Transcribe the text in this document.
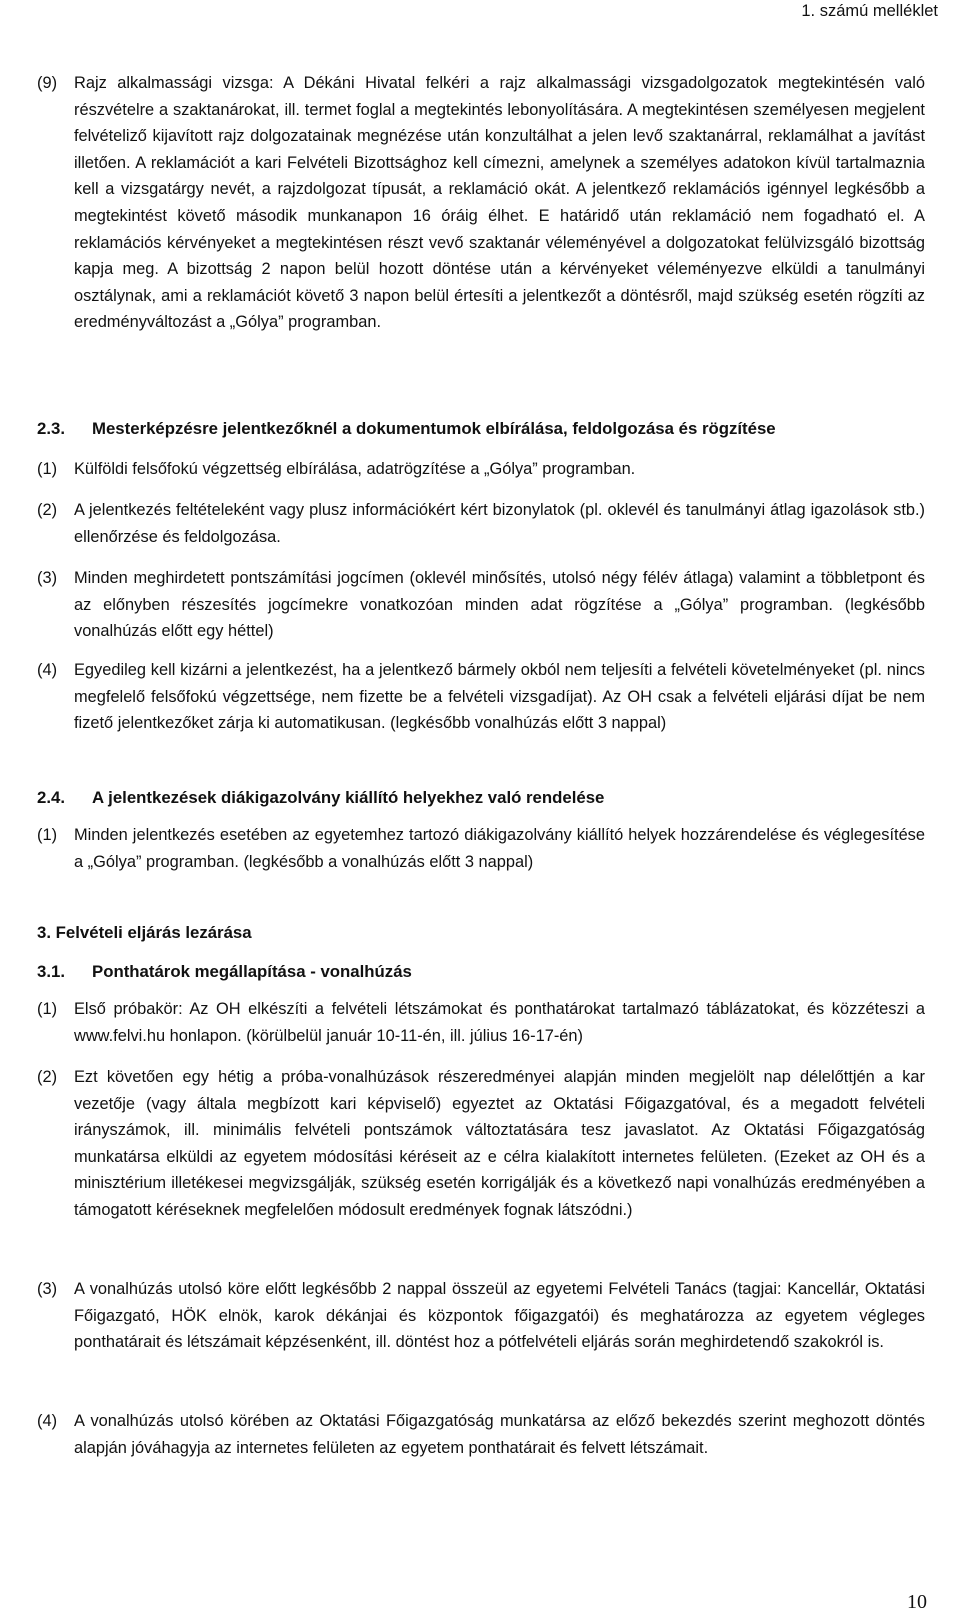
1. számú melléklet
(9)	Rajz alkalmassági vizsga: A Dékáni Hivatal felkéri a rajz alkalmassági vizsgadolgozatok megtekintésén való részvételre a szaktanárokat, ill. termet foglal a megtekintés lebonyolítására. A megtekintésen személyesen megjelent felvételiző kijavított rajz dolgozatainak megnézése után konzultálhat a jelen levő szaktanárral, reklamálhat a javítást illetően. A reklamációt a kari Felvételi Bizottsághoz kell címezni, amelynek a személyes adatokon kívül tartalmaznia kell a vizsgatárgy nevét, a rajzdolgozat típusát, a reklamáció okát. A jelentkező reklamációs igénnyel legkésőbb a megtekintést követő második munkanapon 16 óráig élhet. E határidő után reklamáció nem fogadható el. A reklamációs kérvényeket a megtekintésen részt vevő szaktanár véleményével a dolgozatokat felülvizsgáló bizottság kapja meg. A bizottság 2 napon belül hozott döntése után a kérvényeket véleményezve elküldi a tanulmányi osztálynak, ami a reklamációt követő 3 napon belül értesíti a jelentkezőt a döntésről, majd szükség esetén rögzíti az eredményváltozást a „Gólya” programban.
2.3.	Mesterképzésre jelentkezőknél a dokumentumok elbírálása, feldolgozása és rögzítése
(1)	Külföldi felsőfokú végzettség elbírálása, adatrögzítése a „Gólya” programban.
(2)	A jelentkezés feltételeként vagy plusz információkért kért bizonylatok (pl. oklevél és tanulmányi átlag igazolások stb.) ellenőrzése és feldolgozása.
(3)	Minden meghirdetett pontszámítási jogcímen (oklevél minősítés, utolsó négy félév átlaga) valamint a többletpont és az előnyben részesítés jogcímekre vonatkozóan minden adat rögzítése a „Gólya” programban. (legkésőbb vonalhúzás előtt egy héttel)
(4)	Egyedileg kell kizárni a jelentkezést, ha a jelentkező bármely okból nem teljesíti a felvételi követelményeket (pl. nincs megfelelő felsőfokú végzettsége, nem fizette be a felvételi vizsgadíjat). Az OH csak a felvételi eljárási díjat be nem fizető jelentkezőket zárja ki automatikusan. (legkésőbb vonalhúzás előtt 3 nappal)
2.4.	A jelentkezések diákigazolvány kiállító helyekhez való rendelése
(1)	Minden jelentkezés esetében az egyetemhez tartozó diákigazolvány kiállító helyek hozzárendelése és véglegesítése a „Gólya” programban. (legkésőbb a vonalhúzás előtt 3 nappal)
3. Felvételi eljárás lezárása
3.1.	Ponthatárok megállapítása - vonalhúzás
(1)	Első próbakör: Az OH elkészíti a felvételi létszámokat és ponthatárokat tartalmazó táblázatokat, és közzéteszi a www.felvi.hu honlapon. (körülbelül január 10-11-én, ill. július 16-17-én)
(2)	Ezt követően egy hétig a próba-vonalhúzások részeredményei alapján minden megjelölt nap délelőttjén a kar vezetője (vagy általa megbízott kari képviselő) egyeztet az Oktatási Főigazgatóval, és a megadott felvételi irányszámok, ill. minimális felvételi pontszámok változtatására tesz javaslatot. Az Oktatási Főigazgatóság munkatársa elküldi az egyetem módosítási kéréseit az e célra kialakított internetes felületen. (Ezeket az OH és a minisztérium illetékesei megvizsgálják, szükség esetén korrigálják és a következő napi vonalhúzás eredményében a támogatott kéréseknek megfelelően módosult eredmények fognak látszódni.)
(3)	A vonalhúzás utolsó köre előtt legkésőbb 2 nappal összeül az egyetemi Felvételi Tanács (tagjai: Kancellár, Oktatási Főigazgató, HÖK elnök, karok dékánjai és központok főigazgatói) és meghatározza az egyetem végleges ponthatárait és létszámait képzésenként, ill. döntést hoz a pótfelvételi eljárás során meghirdetendő szakokról is.
(4)	A vonalhúzás utolsó körében az Oktatási Főigazgatóság munkatársa az előző bekezdés szerint meghozott döntés alapján jóváhagyja az internetes felületen az egyetem ponthatárait és felvett létszámait.
10
